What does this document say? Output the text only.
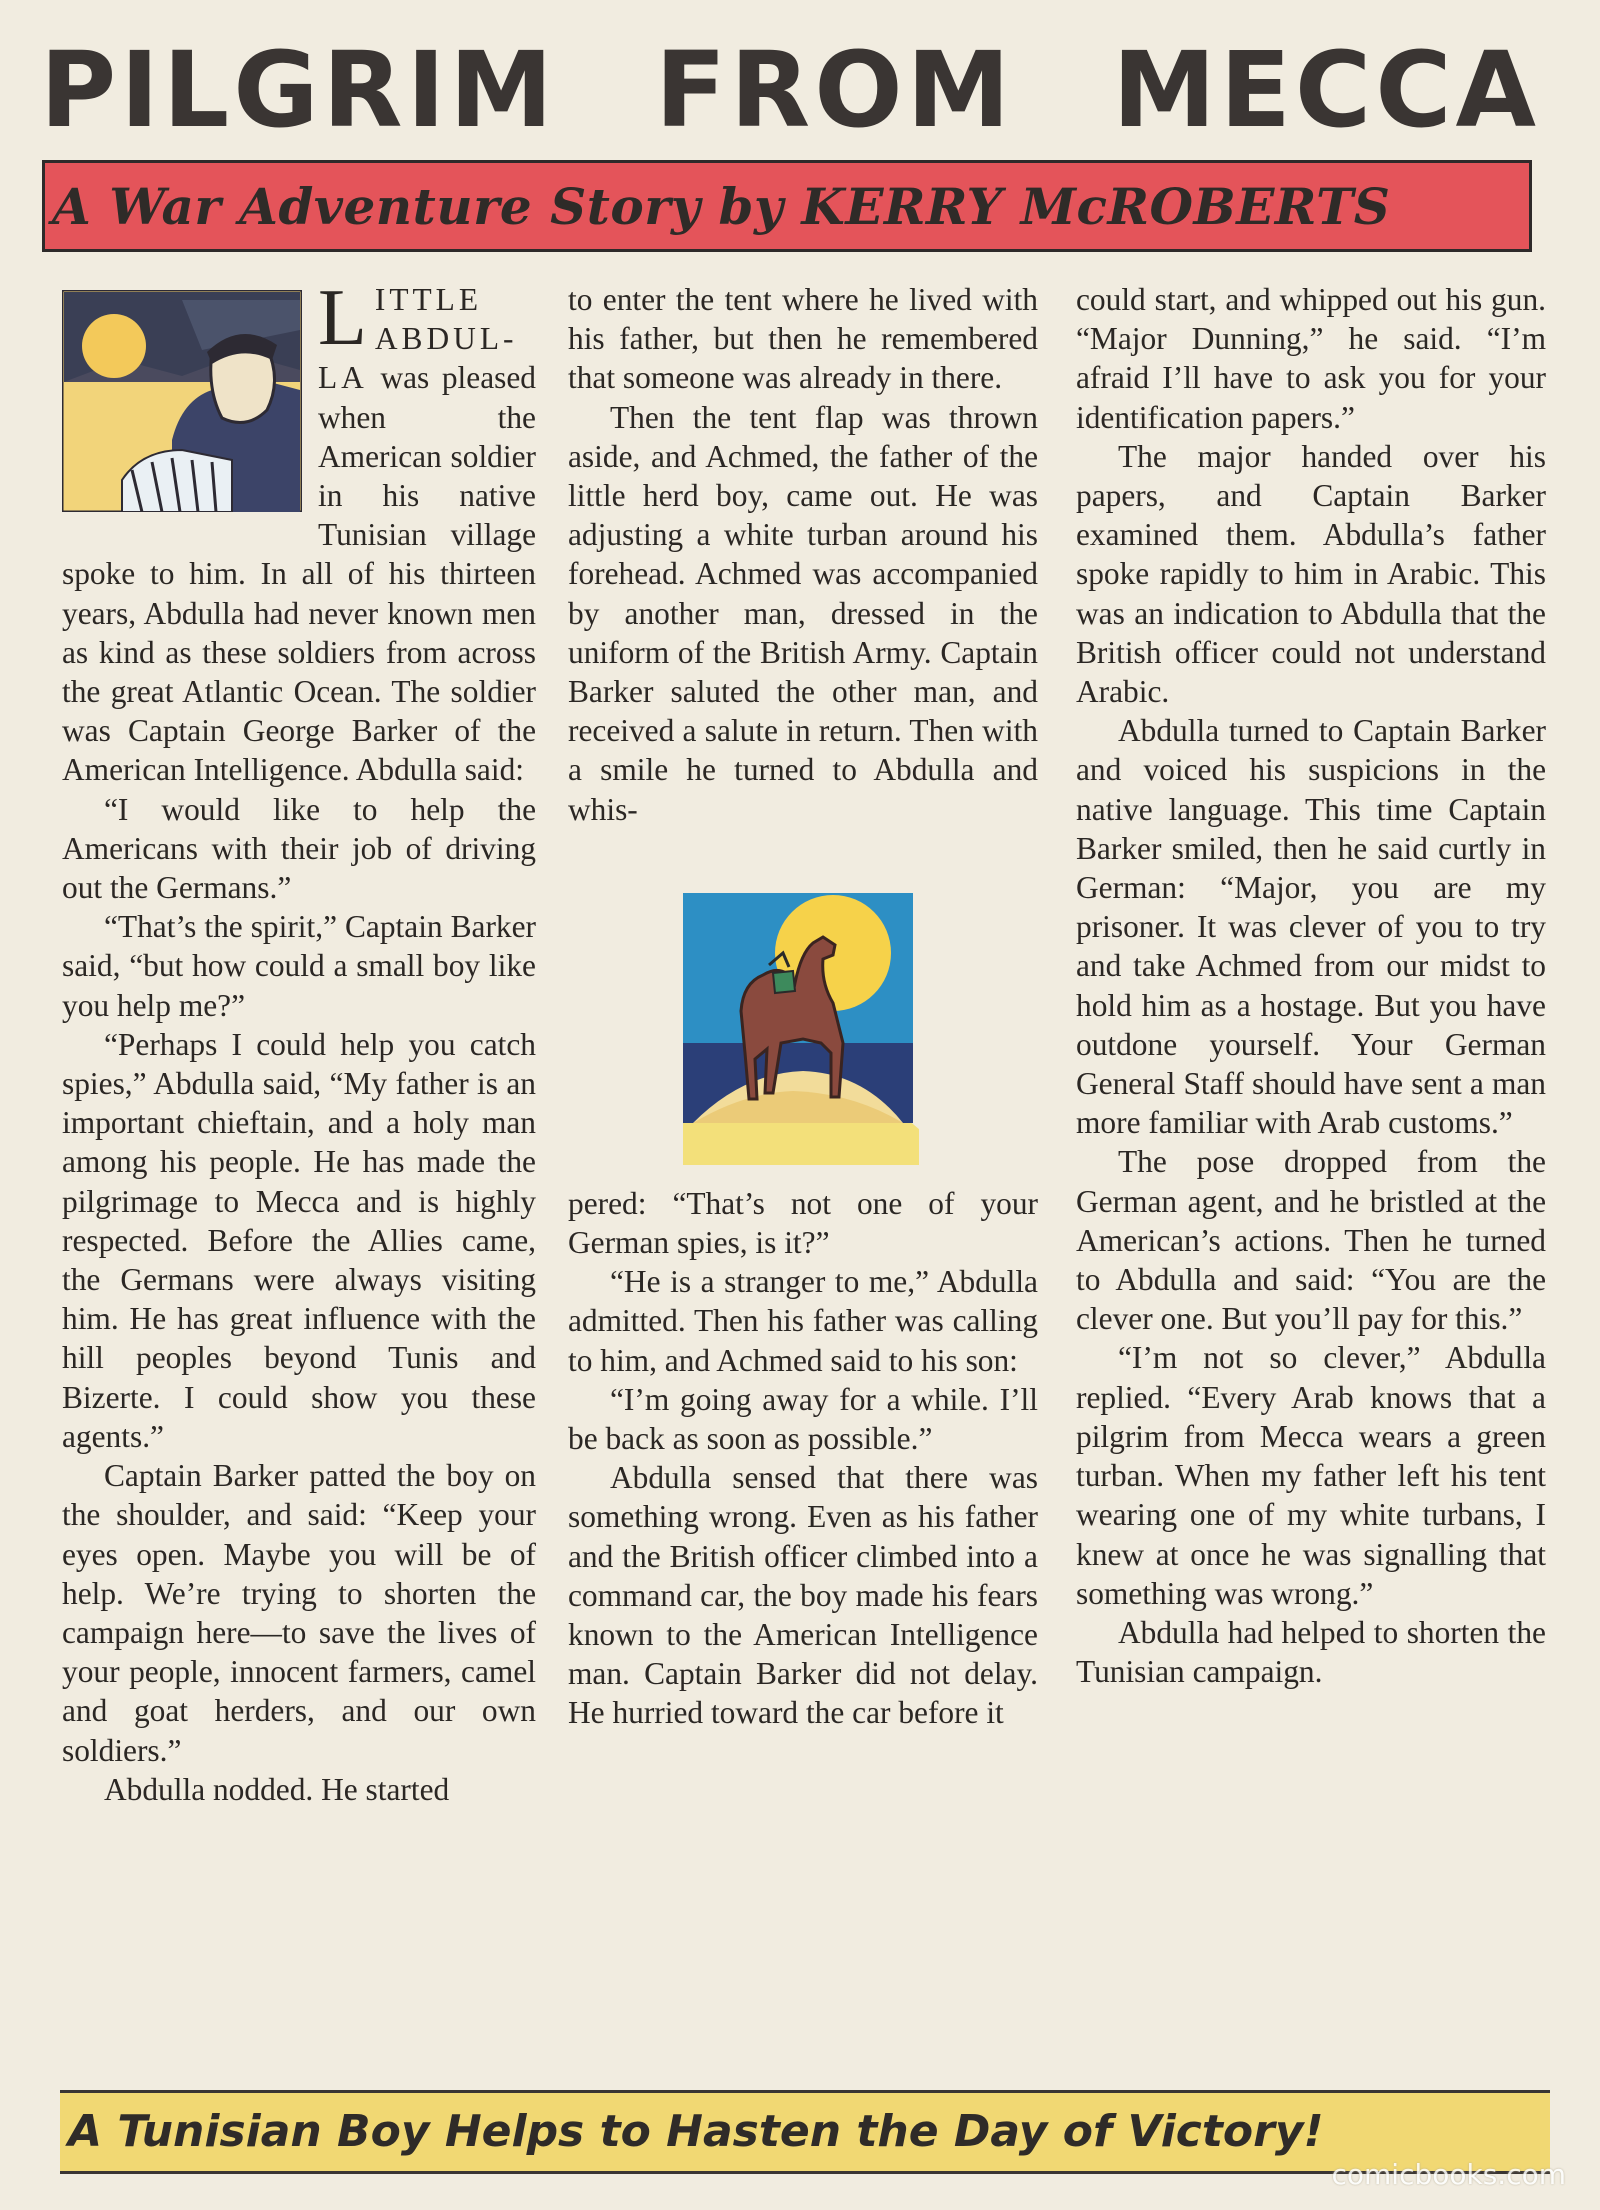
PILGRIM FROM MECCA
A War Adventure Story by KERRY McROBERTS

LITTLE ABDUL-LA was pleased when the American soldier in his native Tunisian village spoke to him. In all of his thirteen years, Abdulla had never known men as kind as these soldiers from across the great Atlantic Ocean. The soldier was Captain George Barker of the American Intelligence. Abdulla said:

“I would like to help the Americans with their job of driving out the Germans.”

“That’s the spirit,” Captain Barker said, “but how could a small boy like you help me?”

“Perhaps I could help you catch spies,” Abdulla said, “My father is an important chieftain, and a holy man among his people. He has made the pilgrimage to Mecca and is highly respected. Before the Allies came, the Germans were always visiting him. He has great influence with the hill peoples beyond Tunis and Bizerte. I could show you these agents.”

Captain Barker patted the boy on the shoulder, and said: “Keep your eyes open. Maybe you will be of help. We’re trying to shorten the campaign here—to save the lives of your people, innocent farmers, camel and goat herders, and our own soldiers.”

Abdulla nodded. He started

to enter the tent where he lived with his father, but then he remembered that someone was already in there.

Then the tent flap was thrown aside, and Achmed, the father of the little herd boy, came out. He was adjusting a white turban around his forehead. Achmed was accompanied by another man, dressed in the uniform of the British Army. Captain Barker saluted the other man, and received a salute in return. Then with a smile he turned to Abdulla and whis-

pered: “That’s not one of your German spies, is it?”

“He is a stranger to me,” Abdulla admitted. Then his father was calling to him, and Achmed said to his son:

“I’m going away for a while. I’ll be back as soon as possible.”

Abdulla sensed that there was something wrong. Even as his father and the British officer climbed into a command car, the boy made his fears known to the American Intelligence man. Captain Barker did not delay. He hurried toward the car before it

could start, and whipped out his gun. “Major Dunning,” he said. “I’m afraid I’ll have to ask you for your identification papers.”

The major handed over his papers, and Captain Barker examined them. Abdulla’s father spoke rapidly to him in Arabic. This was an indication to Abdulla that the British officer could not understand Arabic.

Abdulla turned to Captain Barker and voiced his suspicions in the native language. This time Captain Barker smiled, then he said curtly in German: “Major, you are my prisoner. It was clever of you to try and take Achmed from our midst to hold him as a hostage. But you have outdone yourself. Your German General Staff should have sent a man more familiar with Arab customs.”

The pose dropped from the German agent, and he bristled at the American’s actions. Then he turned to Abdulla and said: “You are the clever one. But you’ll pay for this.”

“I’m not so clever,” Abdulla replied. “Every Arab knows that a pilgrim from Mecca wears a green turban. When my father left his tent wearing one of my white turbans, I knew at once he was signalling that something was wrong.”

Abdulla had helped to shorten the Tunisian campaign.

A Tunisian Boy Helps to Hasten the Day of Victory!
comicbooks.com
